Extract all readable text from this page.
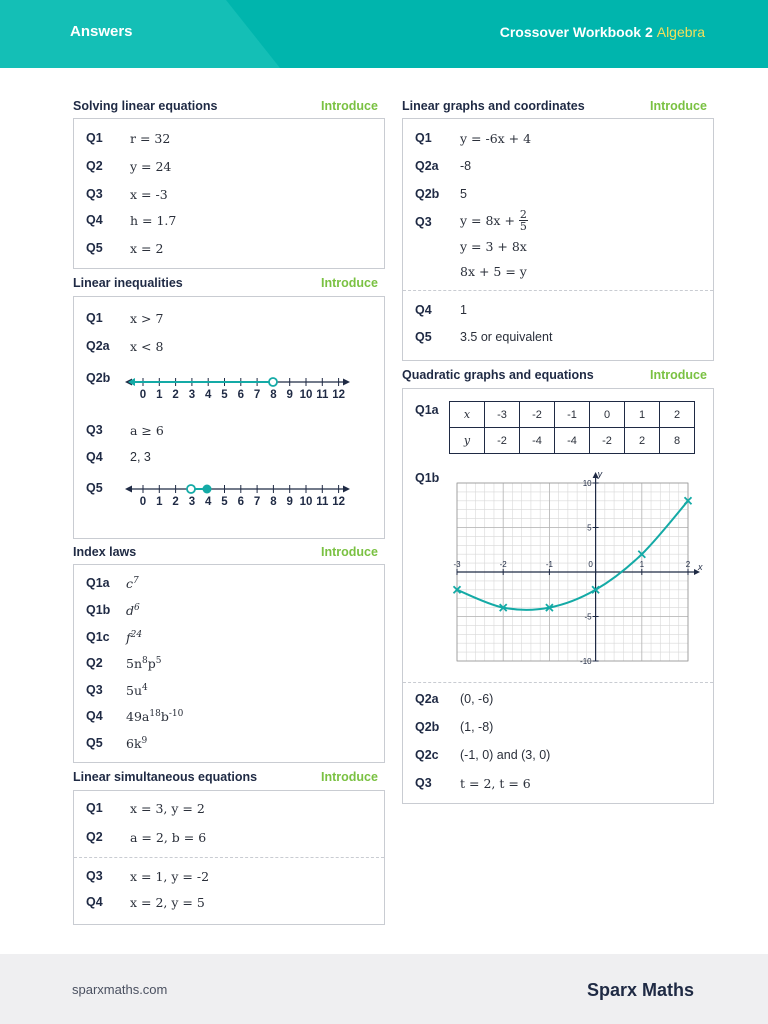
Answers	Crossover Workbook 2 Algebra
Solving linear equations	Introduce
Q1	r = 32
Q2	y = 24
Q3	x = -3
Q4	h = 1.7
Q5	x = 2
Linear inequalities	Introduce
Q1	x > 7
Q2a	x < 8
Q2b
0 1 2 3 4 5 6 7 8 9 10 11 12
Q3	a ≥ 6
Q4	2, 3
Q5
0 1 2 3 4 5 6 7 8 9 10 11 12
Index laws	Introduce
Q1a	$c^7$
Q1b	$d^6$
Q1c	$f^{24}$
Q2	$5n^8p^5$
Q3	$5u^4$
Q4	$49a^{18}b^{-10}$
Q5	$6k^9$
Linear simultaneous equations	Introduce
Q1	x = 3, y = 2
Q2	a = 2, b = 6
Q3	x = 1, y = -2
Q4	x = 2, y = 5
Linear graphs and coordinates	Introduce
Q1	y = -6x + 4
Q2a	-8
Q2b	5
Q3	$y = 8x + \frac{2}{5}$
y = 3 + 8x
8x + 5 = y
Q4	1
Q5	3.5 or equivalent
Quadratic graphs and equations	Introduce
Q1a	x	-3	-2	-1	0	1	2
y	-2	-4	-4	-2	2	8
Q1b
x
y
-3	-2	-1	0	1	2
10
5
-5
-10
Q2a	(0, -6)
Q2b	(1, -8)
Q2c	(-1, 0) and (3, 0)
Q3	t = 2, t = 6
sparxmaths.com	Sparx Maths
